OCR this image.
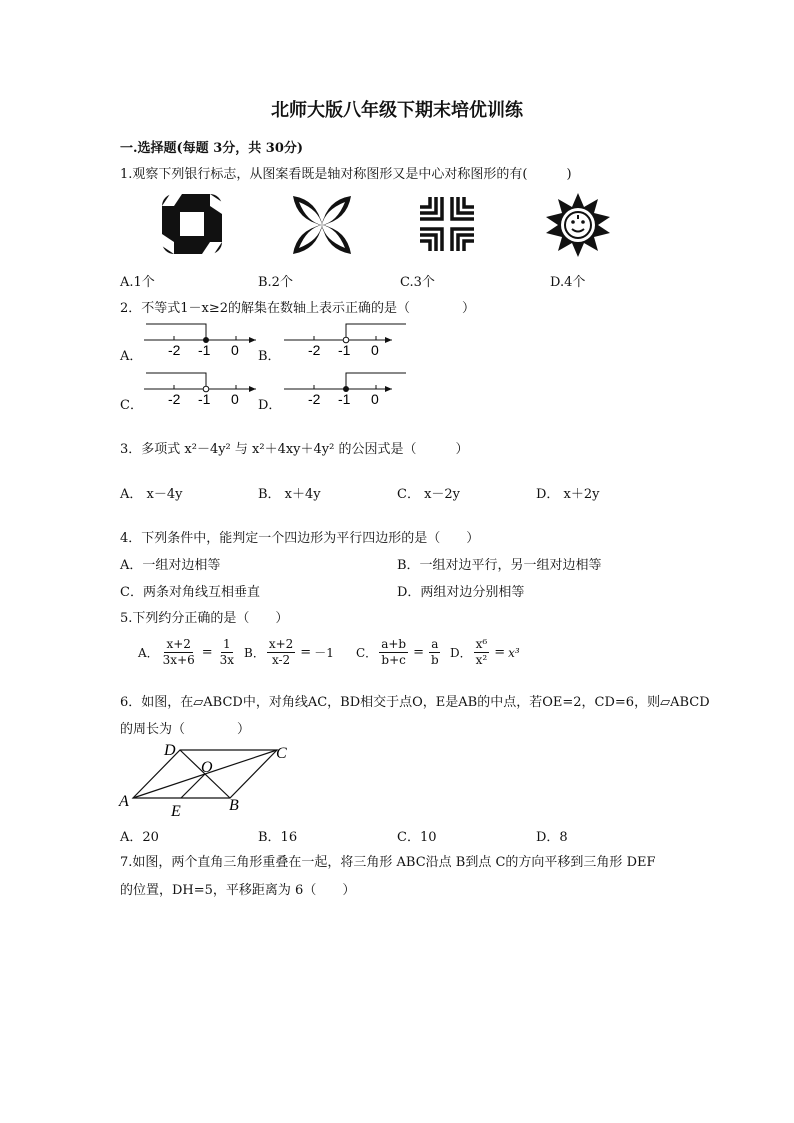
北师大版八年级下期末培优训练
一.选择题(每题 3分，共 30分)
1.观察下列银行标志，从图案看既是轴对称图形又是中心对称图形的有(　　　)
A.1个	B.2个	C.3个	D.4个
2．不等式1－x≥2的解集在数轴上表示正确的是（　　　　）
A． -2 -1 0 B． -2 -1 0
C． -2 -1 0 D． -2 -1 0
3．多项式 x²－4y² 与 x²＋4xy＋4y² 的公因式是（　　　）
A． x－4y	B． x＋4y	C． x－2y	D． x＋2y
4．下列条件中，能判定一个四边形为平行四边形的是（　　）
A．一组对边相等	B．一组对边平行，另一组对边相等
C．两条对角线互相垂直	D．两组对边分别相等
5.下列约分正确的是（　　）
A． $\frac{x+2}{3x+6} = \frac{1}{3x}$ B． $\frac{x+2}{x-2} = -1$ C． $\frac{a+b}{b+c} = \frac{a}{b}$ D． $\frac{\text{x⁶}}{\text{x²}} = x^3$
6．如图，在▱ABCD中，对角线AC，BD相交于点O，E是AB的中点，若OE=2，CD=6，则▱ABCD
的周长为（　　　　）
A	B
C
D
O
E
A．20	B．16	C．10	D．8
7.如图，两个直角三角形重叠在一起，将三角形 ABC沿点 B到点 C的方向平移到三角形 DEF
的位置，DH=5，平移距离为 6（　　）
